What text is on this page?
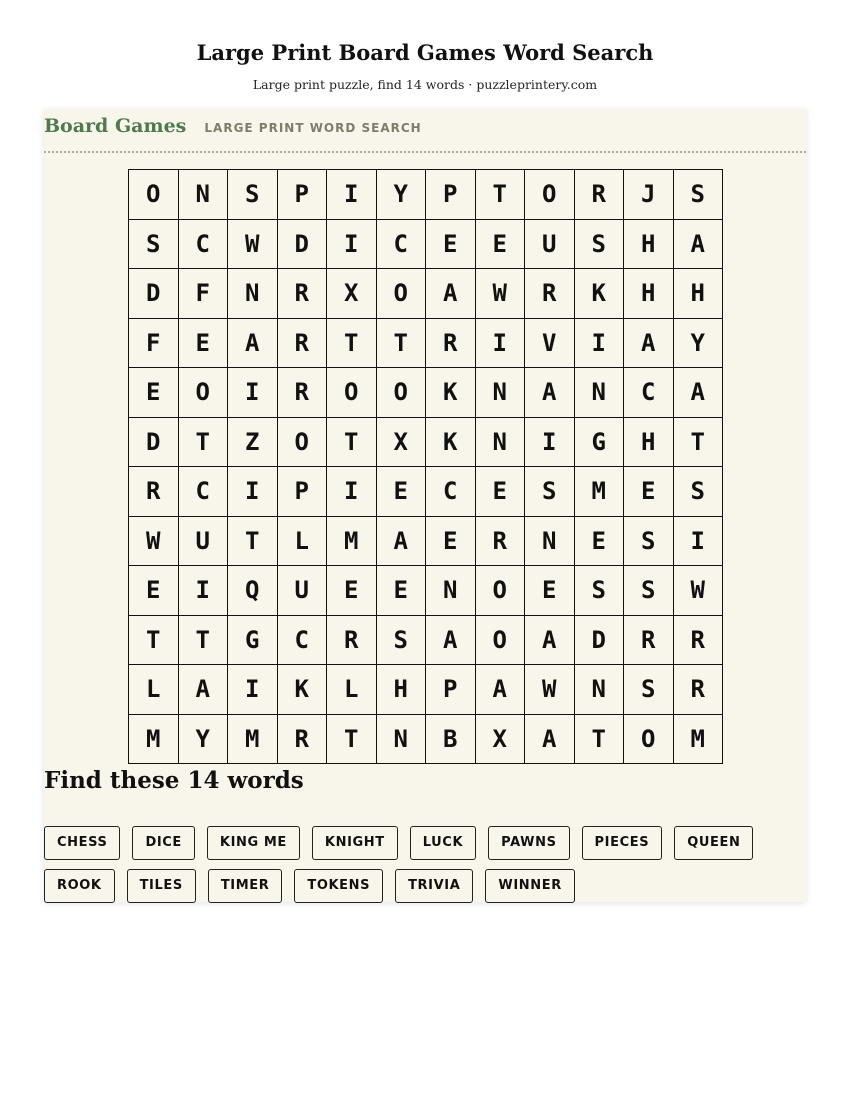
Large Print Board Games Word Search
Large print puzzle, find 14 words · puzzleprintery.com
Board Games LARGE PRINT WORD SEARCH
O	N	S	P	I	Y	P	T	O	R	J	S
S	C	W	D	I	C	E	E	U	S	H	A
D	F	N	R	X	O	A	W	R	K	H	H
F	E	A	R	T	T	R	I	V	I	A	Y
E	O	I	R	O	O	K	N	A	N	C	A
D	T	Z	O	T	X	K	N	I	G	H	T
R	C	I	P	I	E	C	E	S	M	E	S
W	U	T	L	M	A	E	R	N	E	S	I
E	I	Q	U	E	E	N	O	E	S	S	W
T	T	G	C	R	S	A	O	A	D	R	R
L	A	I	K	L	H	P	A	W	N	S	R
M	Y	M	R	T	N	B	X	A	T	O	M
Find these 14 words
CHESS	DICE	KING ME	KNIGHT	LUCK	PAWNS	PIECES	QUEEN
ROOK	TILES	TIMER	TOKENS	TRIVIA	WINNER
